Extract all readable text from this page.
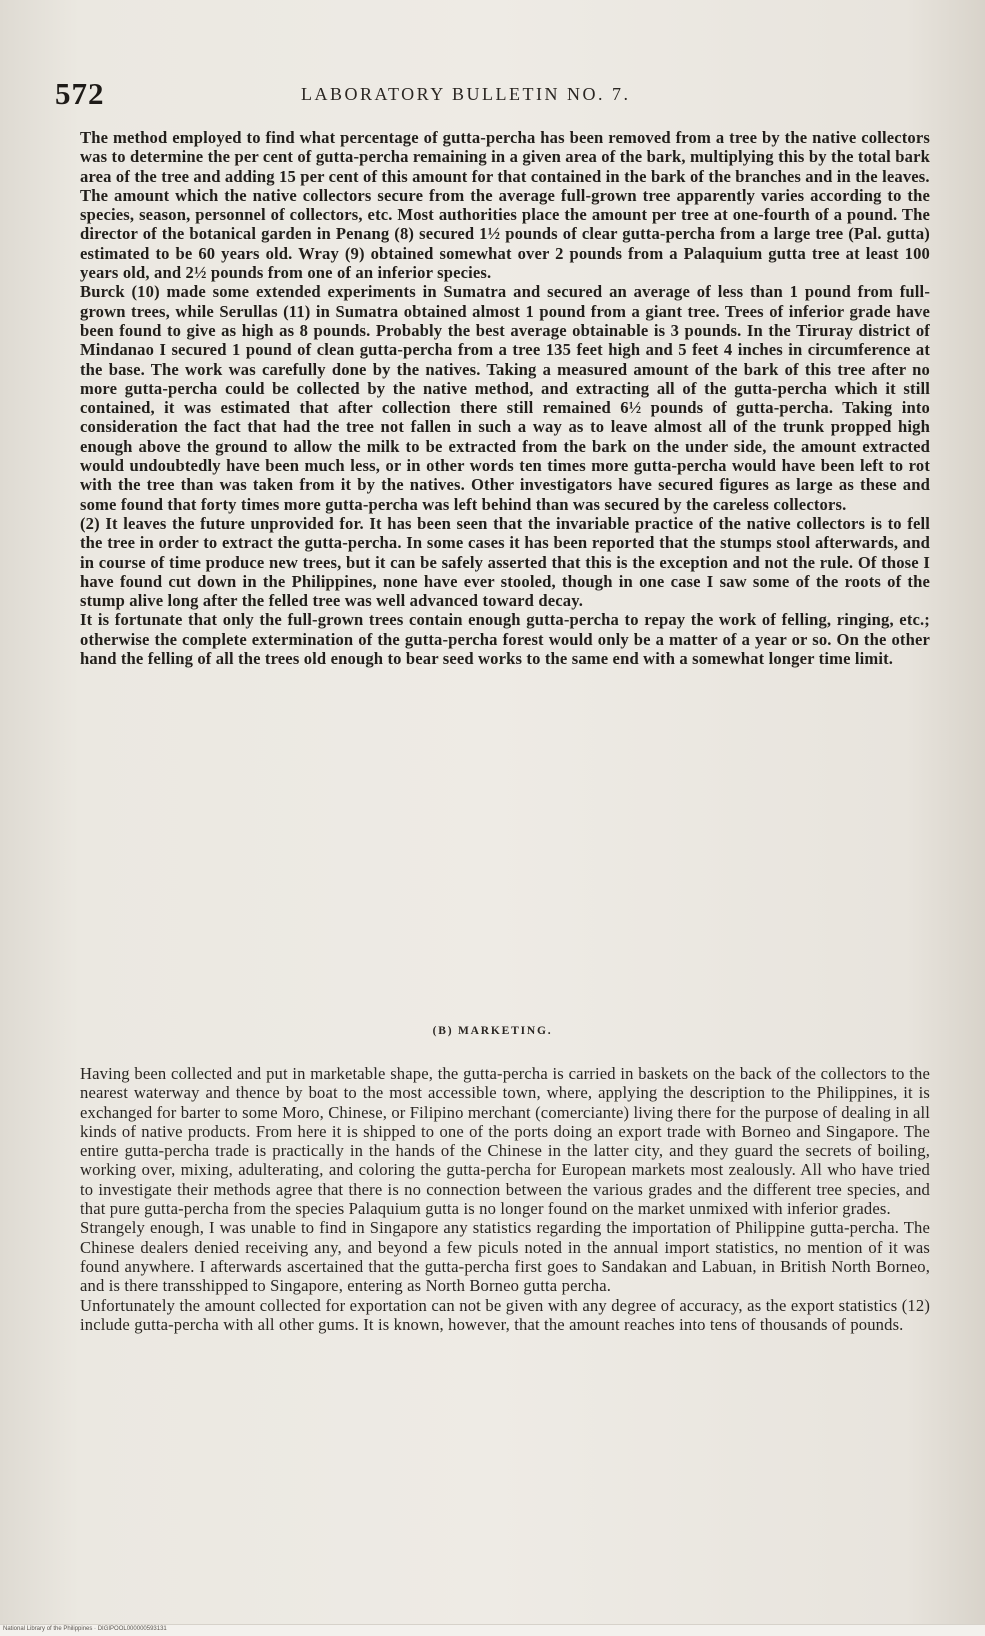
572	LABORATORY BULLETIN NO. 7.

The method employed to find what percentage of gutta-percha has been removed from a tree by the native collectors was to determine the per cent of gutta-percha remaining in a given area of the bark, multiplying this by the total bark area of the tree and adding 15 per cent of this amount for that contained in the bark of the branches and in the leaves.

The amount which the native collectors secure from the average full-grown tree apparently varies according to the species, season, personnel of collectors, etc. Most authorities place the amount per tree at one-fourth of a pound. The director of the botanical garden in Penang (8) secured 1½ pounds of clear gutta-percha from a large tree (Pal. gutta) estimated to be 60 years old. Wray (9) obtained somewhat over 2 pounds from a Palaquium gutta tree at least 100 years old, and 2½ pounds from one of an inferior species.

Burck (10) made some extended experiments in Sumatra and secured an average of less than 1 pound from full-grown trees, while Serullas (11) in Sumatra obtained almost 1 pound from a giant tree. Trees of inferior grade have been found to give as high as 8 pounds. Probably the best average obtainable is 3 pounds. In the Tiruray district of Mindanao I secured 1 pound of clean gutta-percha from a tree 135 feet high and 5 feet 4 inches in circumference at the base. The work was carefully done by the natives. Taking a measured amount of the bark of this tree after no more gutta-percha could be collected by the native method, and extracting all of the gutta-percha which it still contained, it was estimated that after collection there still remained 6½ pounds of gutta-percha. Taking into consideration the fact that had the tree not fallen in such a way as to leave almost all of the trunk propped high enough above the ground to allow the milk to be extracted from the bark on the under side, the amount extracted would undoubtedly have been much less, or in other words ten times more gutta-percha would have been left to rot with the tree than was taken from it by the natives. Other investigators have secured figures as large as these and some found that forty times more gutta-percha was left behind than was secured by the careless collectors.

(2) It leaves the future unprovided for. It has been seen that the invariable practice of the native collectors is to fell the tree in order to extract the gutta-percha. In some cases it has been reported that the stumps stool afterwards, and in course of time produce new trees, but it can be safely asserted that this is the exception and not the rule. Of those I have found cut down in the Philippines, none have ever stooled, though in one case I saw some of the roots of the stump alive long after the felled tree was well advanced toward decay.

It is fortunate that only the full-grown trees contain enough gutta-percha to repay the work of felling, ringing, etc.; otherwise the complete extermination of the gutta-percha forest would only be a matter of a year or so. On the other hand the felling of all the trees old enough to bear seed works to the same end with a somewhat longer time limit.

(B) MARKETING.

Having been collected and put in marketable shape, the gutta-percha is carried in baskets on the back of the collectors to the nearest waterway and thence by boat to the most accessible town, where, applying the description to the Philippines, it is exchanged for barter to some Moro, Chinese, or Filipino merchant (comerciante) living there for the purpose of dealing in all kinds of native products. From here it is shipped to one of the ports doing an export trade with Borneo and Singapore. The entire gutta-percha trade is practically in the hands of the Chinese in the latter city, and they guard the secrets of boiling, working over, mixing, adulterating, and coloring the gutta-percha for European markets most zealously. All who have tried to investigate their methods agree that there is no connection between the various grades and the different tree species, and that pure gutta-percha from the species Palaquium gutta is no longer found on the market unmixed with inferior grades.

Strangely enough, I was unable to find in Singapore any statistics regarding the importation of Philippine gutta-percha. The Chinese dealers denied receiving any, and beyond a few piculs noted in the annual import statistics, no mention of it was found anywhere. I afterwards ascertained that the gutta-percha first goes to Sandakan and Labuan, in British North Borneo, and is there transshipped to Singapore, entering as North Borneo gutta percha.

Unfortunately the amount collected for exportation can not be given with any degree of accuracy, as the export statistics (12) include gutta-percha with all other gums. It is known, however, that the amount reaches into tens of thousands of pounds.

National Library of the Philippines · DIGIPOOL000000593131
